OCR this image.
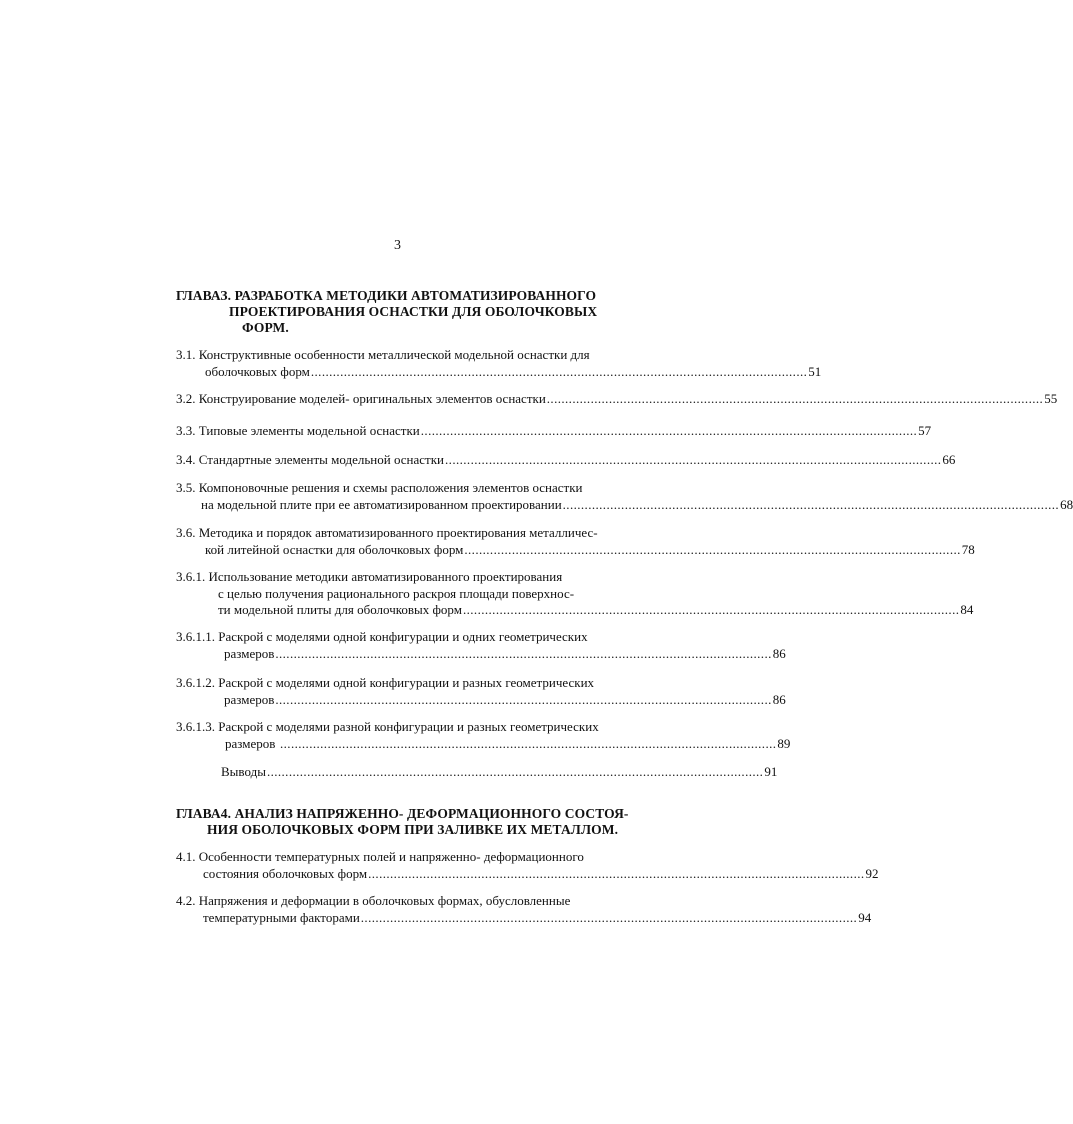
3
ГЛАВАЗ. РАЗРАБОТКА МЕТОДИКИ АВТОМАТИЗИРОВАННОГО
ПРОЕКТИРОВАНИЯ ОСНАСТКИ ДЛЯ ОБОЛОЧКОВЫХ
ФОРМ.
3.1. Конструктивные особенности металлической модельной оснастки для
оболочковых форм ........................................................................................................................................ 51
3.2. Конструирование моделей- оригинальных элементов оснастки ........................................................................................................................................ 55
3.3. Типовые элементы модельной оснастки ........................................................................................................................................ 57
3.4. Стандартные элементы модельной оснастки ........................................................................................................................................ 66
3.5. Компоновочные решения и схемы расположения элементов оснастки
на модельной плите при ее автоматизированном проектировании ........................................................................................................................................ 68
3.6. Методика и порядок автоматизированного проектирования металличес-
кой литейной оснастки для оболочковых форм ........................................................................................................................................ 78
3.6.1. Использование методики автоматизированного проектирования
с целью получения рационального раскроя площади поверхнос-
ти модельной плиты для оболочковых форм ........................................................................................................................................ 84
3.6.1.1. Раскрой с моделями одной конфигурации и одних геометрических
размеров ........................................................................................................................................ 86
3.6.1.2. Раскрой с моделями одной конфигурации и разных геометрических
размеров ........................................................................................................................................ 86
3.6.1.3. Раскрой с моделями разной конфигурации и разных геометрических
размеров ........................................................................................................................................ 89
Выводы ........................................................................................................................................ 91
ГЛАВА4. АНАЛИЗ НАПРЯЖЕННО- ДЕФОРМАЦИОННОГО СОСТОЯ-
НИЯ ОБОЛОЧКОВЫХ ФОРМ ПРИ ЗАЛИВКЕ ИХ МЕТАЛЛОМ.
4.1. Особенности температурных полей и напряженно- деформационного
состояния оболочковых форм ........................................................................................................................................ 92
4.2. Напряжения и деформации в оболочковых формах, обусловленные
температурными факторами ........................................................................................................................................ 94
